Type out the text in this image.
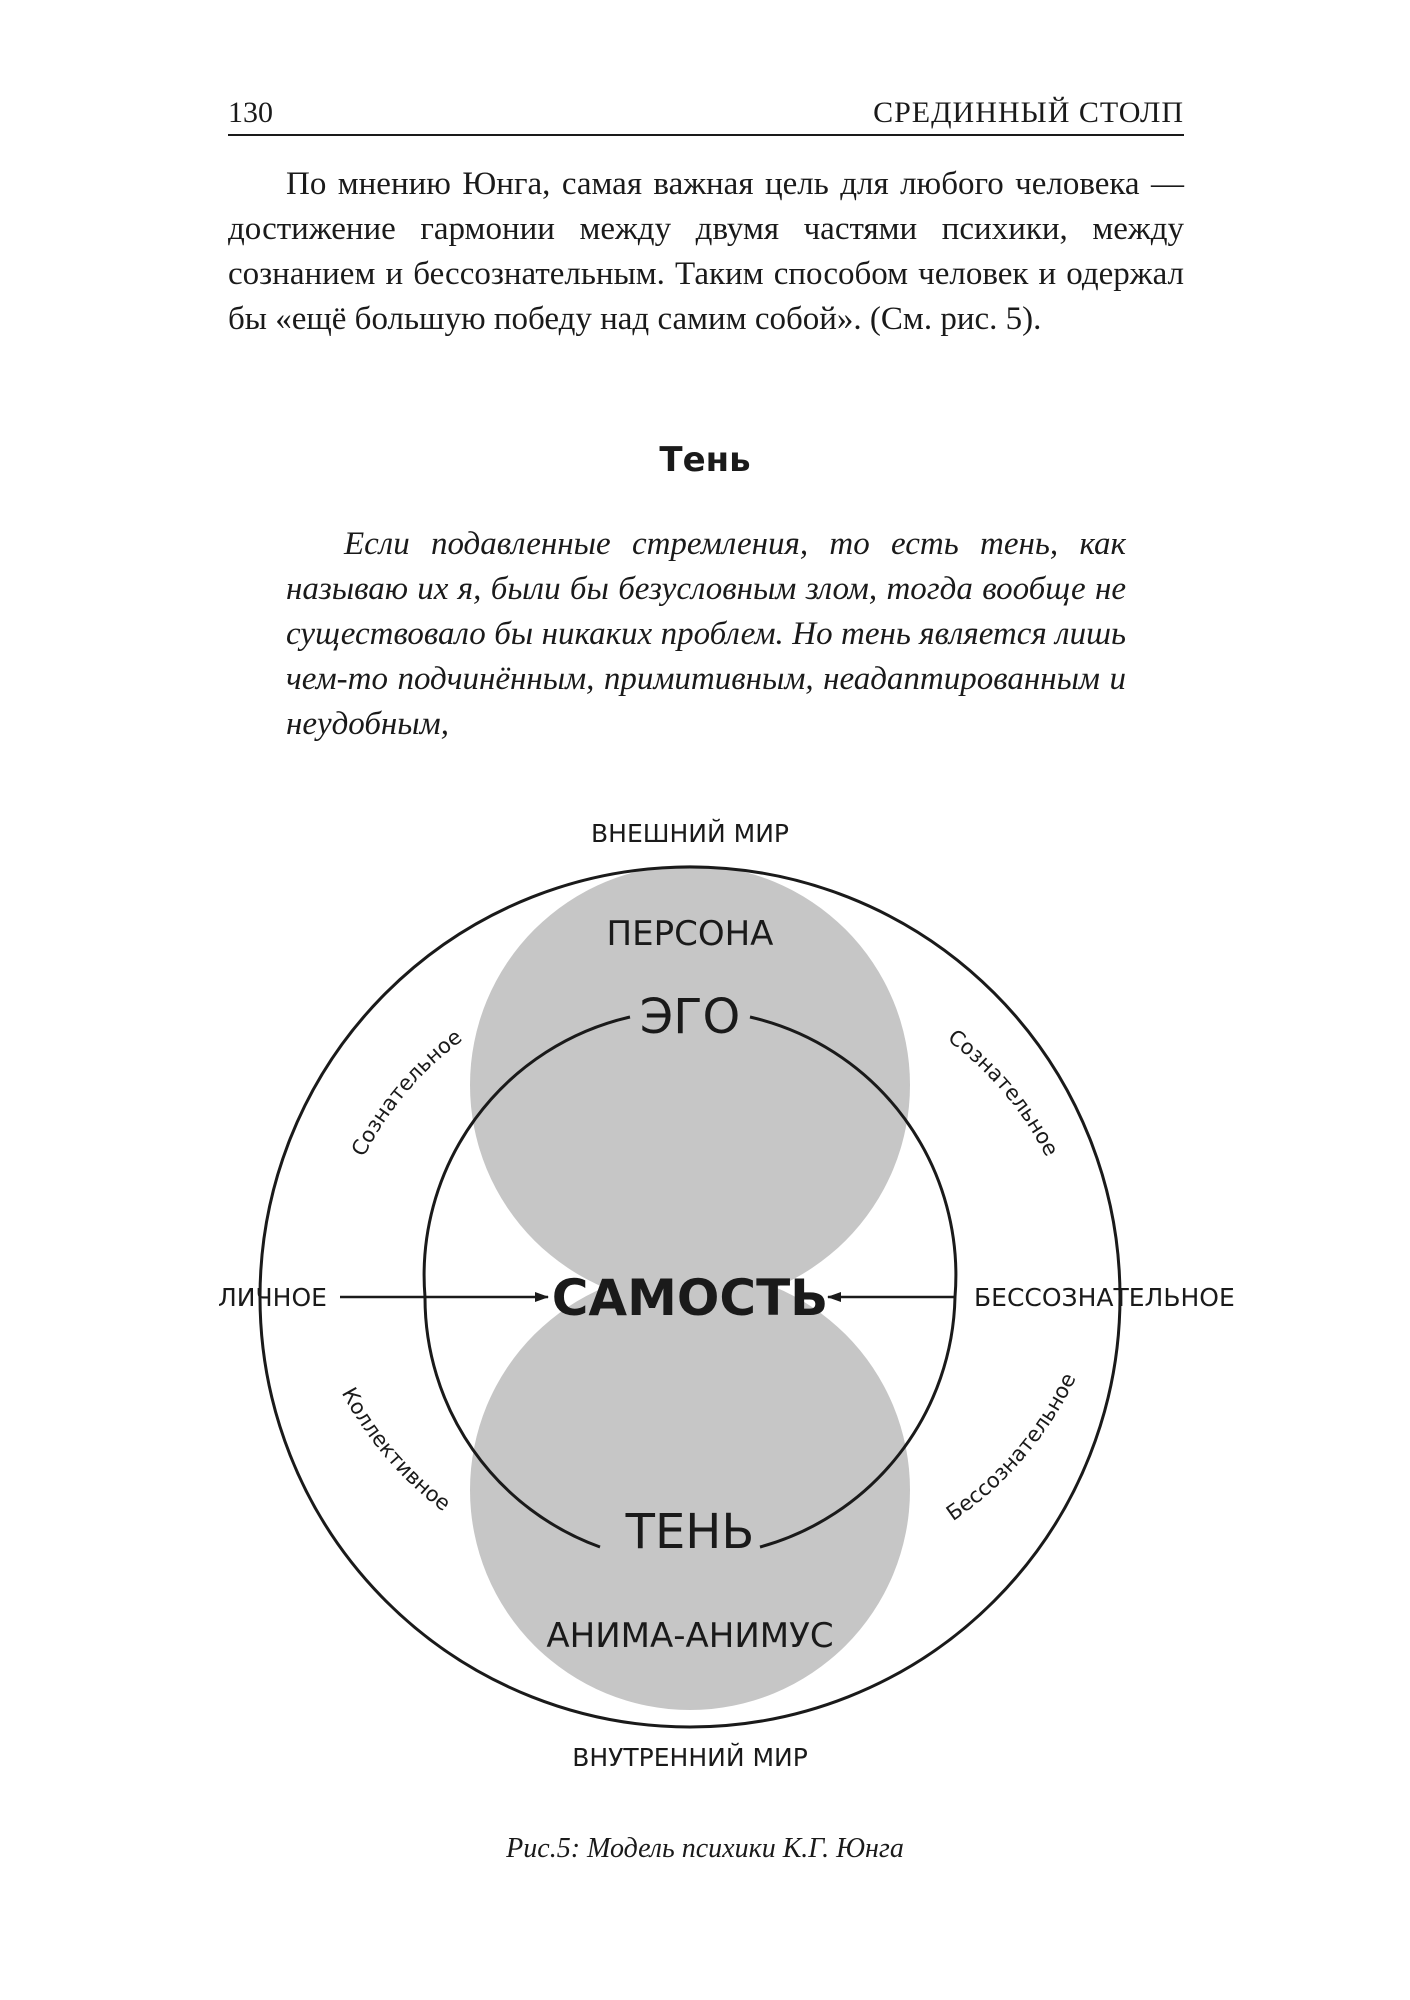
130	СРЕДИННЫЙ СТОЛП

По мнению Юнга, самая важная цель для любого человека — достижение гармонии между двумя частями психики, между сознанием и бессознательным. Таким способом человек и одержал бы «ещё большую победу над самим собой». (См. рис. 5).

Тень

Если подавленные стремления, то есть тень, как называю их я, были бы безусловным злом, тогда вообще не существовало бы никаких проблем. Но тень является лишь чем-то подчинённым, примитивным, неадаптированным и неудобным,

ВНЕШНИЙ МИР
ВНУТРЕННИЙ МИР
ЛИЧНОЕ	БЕССОЗНАТЕЛЬНОЕ
ПЕРСОНА
ЭГО
САМОСТЬ
ТЕНЬ
АНИМА-АНИМУС
Сознательное	Сознательное
Коллективное	Бессознательное

Рис.5: Модель психики К.Г. Юнга
